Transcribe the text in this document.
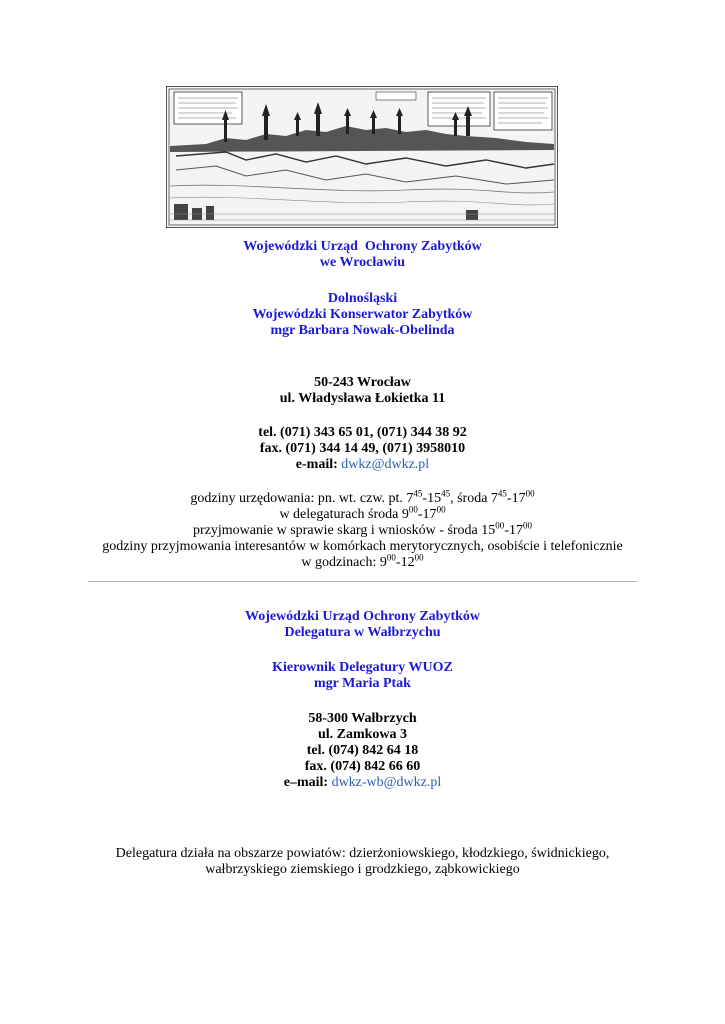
Wojewódzki Urząd  Ochrony Zabytków
we Wrocławiu
Dolnośląski
Wojewódzki Konserwator Zabytków
mgr Barbara Nowak-Obelinda
50-243 Wrocław
ul. Władysława Łokietka 11
tel. (071) 343 65 01, (071) 344 38 92
fax. (071) 344 14 49, (071) 3958010
e-mail: dwkz@dwkz.pl
godziny urzędowania: pn. wt. czw. pt. $7^{45}-15^{45}$, środa $7^{45}-17^{00}$
w delegaturach środa $9^{00}-17^{00}$
przyjmowanie w sprawie skarg i wniosków - środa $15^{00}-17^{00}$
godziny przyjmowania interesantów w komórkach merytorycznych, osobiście i telefonicznie
w godzinach: $9^{00}-12^{00}$
Wojewódzki Urząd Ochrony Zabytków
Delegatura w Wałbrzychu
Kierownik Delegatury WUOZ
mgr Maria Ptak
58-300 Wałbrzych
ul. Zamkowa 3
tel. (074) 842 64 18
fax. (074) 842 66 60
e–mail: dwkz-wb@dwkz.pl
Delegatura działa na obszarze powiatów: dzierżoniowskiego, kłodzkiego, świdnickiego,
wałbrzyskiego ziemskiego i grodzkiego, ząbkowickiego
